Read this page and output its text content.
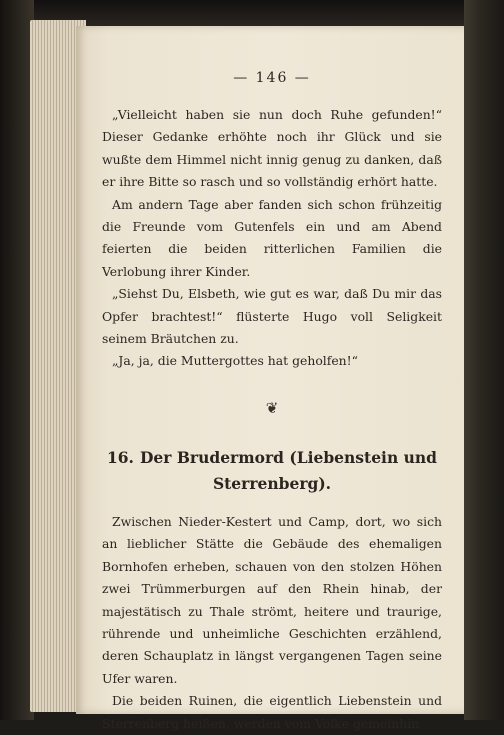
— 146 —

„Vielleicht haben sie nun doch Ruhe gefunden!“ Dieser Gedanke erhöhte noch ihr Glück und sie wußte dem Himmel nicht innig genug zu danken, daß er ihre Bitte so rasch und so vollständig erhört hatte.

Am andern Tage aber fanden sich schon frühzeitig die Freunde vom Gutenfels ein und am Abend feierten die beiden ritterlichen Familien die Verlobung ihrer Kinder.

„Siehst Du, Elsbeth, wie gut es war, daß Du mir das Opfer brachtest!“ flüsterte Hugo voll Seligkeit seinem Bräutchen zu.

„Ja, ja, die Muttergottes hat geholfen!“

❦
16. Der Brudermord (Liebenstein und Sterrenberg).

Zwischen Nieder-Kestert und Camp, dort, wo sich an lieblicher Stätte die Gebäude des ehemaligen Bornhofen erheben, schauen von den stolzen Höhen zwei Trümmerburgen auf den Rhein hinab, der majestätisch zu Thale strömt, heitere und traurige, rührende und unheimliche Geschichten erzählend, deren Schauplatz in längst vergangenen Tagen seine Ufer waren.

Die beiden Ruinen, die eigentlich Liebenstein und Sterrenberg heißen, werden vom Volke gemeinhin
